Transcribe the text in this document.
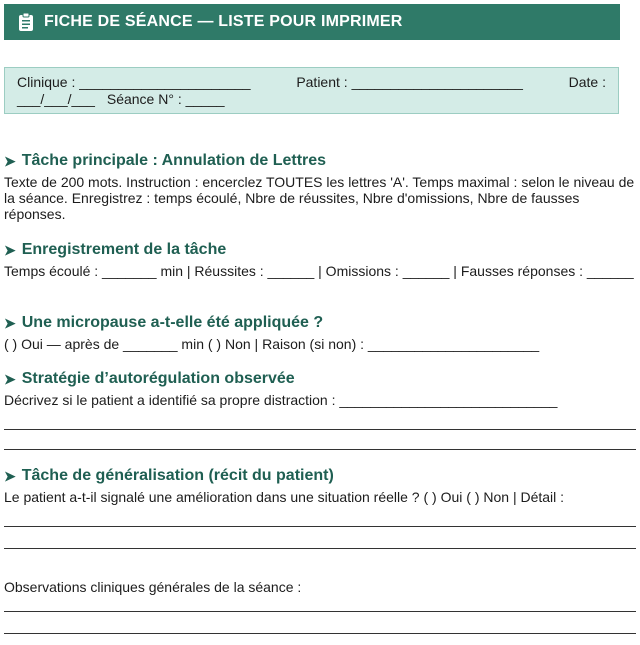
FICHE DE SÉANCE — LISTE POUR IMPRIMER
Clinique : ______________________	Patient : ______________________	Date :
___/___/___ Séance N° : _____
➤ Tâche principale : Annulation de Lettres
Texte de 200 mots. Instruction : encerclez TOUTES les lettres 'A'. Temps maximal : selon le niveau de la séance. Enregistrez : temps écoulé, Nbre de réussites, Nbre d'omissions, Nbre de fausses réponses.
➤ Enregistrement de la tâche
Temps écoulé : _______ min | Réussites : ______ | Omissions : ______ | Fausses réponses : ______
➤ Une micropause a-t-elle été appliquée ?
( ) Oui — après de _______ min ( ) Non | Raison (si non) : ______________________
➤ Stratégie d’autorégulation observée
Décrivez si le patient a identifié sa propre distraction : ____________________________
➤ Tâche de généralisation (récit du patient)
Le patient a-t-il signalé une amélioration dans une situation réelle ? ( ) Oui ( ) Non | Détail :
Observations cliniques générales de la séance :
